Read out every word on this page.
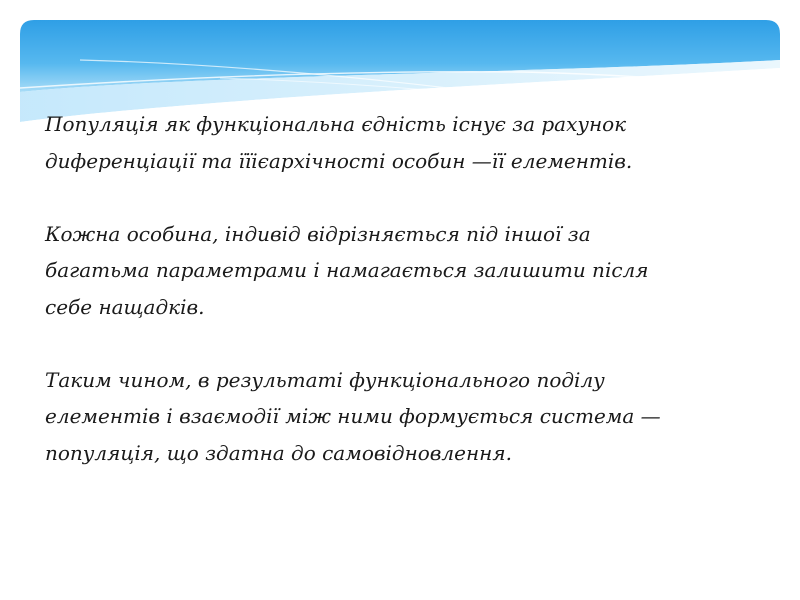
Популяція як функціональна єдність існує за рахунок
диференціації та їїієархічності особин —її елементів.

Кожна особина, індивід відрізняється під іншої за
багатьма параметрами і намагається залишити після
себе нащадків.

Таким чином, в результаті функціонального поділу
елементів і взаємодії між ними формується система —
популяція, що здатна до самовідновлення.
